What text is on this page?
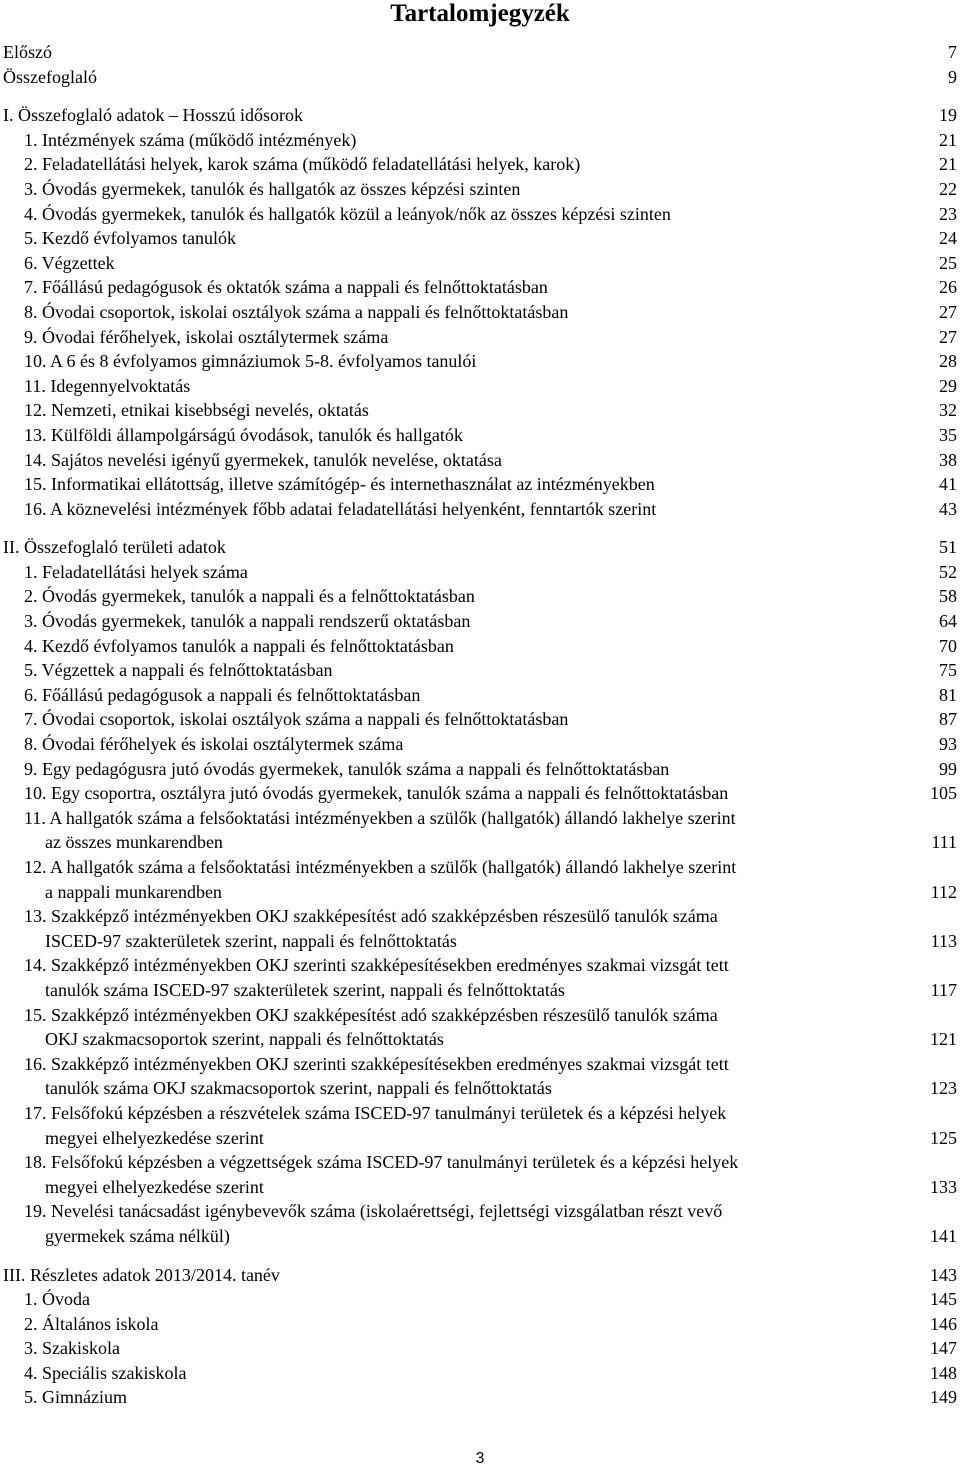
Tartalomjegyzék
Előszó	7
Összefoglaló	9
I. Összefoglaló adatok – Hosszú idősorok	19
1. Intézmények száma (működő intézmények)	21
2. Feladatellátási helyek, karok száma (működő feladatellátási helyek, karok)	21
3. Óvodás gyermekek, tanulók és hallgatók az összes képzési szinten	22
4. Óvodás gyermekek, tanulók és hallgatók közül a leányok/nők az összes képzési szinten	23
5. Kezdő évfolyamos tanulók	24
6. Végzettek	25
7. Főállású pedagógusok és oktatók száma a nappali és felnőttoktatásban	26
8. Óvodai csoportok, iskolai osztályok száma a nappali és felnőttoktatásban	27
9. Óvodai férőhelyek, iskolai osztálytermek száma	27
10. A 6 és 8 évfolyamos gimnáziumok 5-8. évfolyamos tanulói	28
11. Idegennyelvoktatás	29
12. Nemzeti, etnikai kisebbségi nevelés, oktatás	32
13. Külföldi állampolgárságú óvodások, tanulók és hallgatók	35
14. Sajátos nevelési igényű gyermekek, tanulók nevelése, oktatása	38
15. Informatikai ellátottság, illetve számítógép- és internethasználat az intézményekben	41
16. A köznevelési intézmények főbb adatai feladatellátási helyenként, fenntartók szerint	43
II. Összefoglaló területi adatok	51
1. Feladatellátási helyek száma	52
2. Óvodás gyermekek, tanulók a nappali és a felnőttoktatásban	58
3. Óvodás gyermekek, tanulók a nappali rendszerű oktatásban	64
4. Kezdő évfolyamos tanulók a nappali és felnőttoktatásban	70
5. Végzettek a nappali és felnőttoktatásban	75
6. Főállású pedagógusok a nappali és felnőttoktatásban	81
7. Óvodai csoportok, iskolai osztályok száma a nappali és felnőttoktatásban	87
8. Óvodai férőhelyek és iskolai osztálytermek száma	93
9. Egy pedagógusra jutó óvodás gyermekek, tanulók száma a nappali és felnőttoktatásban	99
10. Egy csoportra, osztályra jutó óvodás gyermekek, tanulók száma a nappali és felnőttoktatásban	105
11. A hallgatók száma a felsőoktatási intézményekben a szülők (hallgatók) állandó lakhelye szerint
az összes munkarendben	111
12. A hallgatók száma a felsőoktatási intézményekben a szülők (hallgatók) állandó lakhelye szerint
a nappali munkarendben	112
13. Szakképző intézményekben OKJ szakképesítést adó szakképzésben részesülő tanulók száma
ISCED-97 szakterületek szerint, nappali és felnőttoktatás	113
14. Szakképző intézményekben OKJ szerinti szakképesítésekben eredményes szakmai vizsgát tett
tanulók száma ISCED-97 szakterületek szerint, nappali és felnőttoktatás	117
15. Szakképző intézményekben OKJ szakképesítést adó szakképzésben részesülő tanulók száma
OKJ szakmacsoportok szerint, nappali és felnőttoktatás	121
16. Szakképző intézményekben OKJ szerinti szakképesítésekben eredményes szakmai vizsgát tett
tanulók száma OKJ szakmacsoportok szerint, nappali és felnőttoktatás	123
17. Felsőfokú képzésben a részvételek száma ISCED-97 tanulmányi területek és a képzési helyek
megyei elhelyezkedése szerint	125
18. Felsőfokú képzésben a végzettségek száma ISCED-97 tanulmányi területek és a képzési helyek
megyei elhelyezkedése szerint	133
19. Nevelési tanácsadást igénybevevők száma (iskolaérettségi, fejlettségi vizsgálatban részt vevő
gyermekek száma nélkül)	141
III. Részletes adatok 2013/2014. tanév	143
1. Óvoda	145
2. Általános iskola	146
3. Szakiskola	147
4. Speciális szakiskola	148
5. Gimnázium	149
3
